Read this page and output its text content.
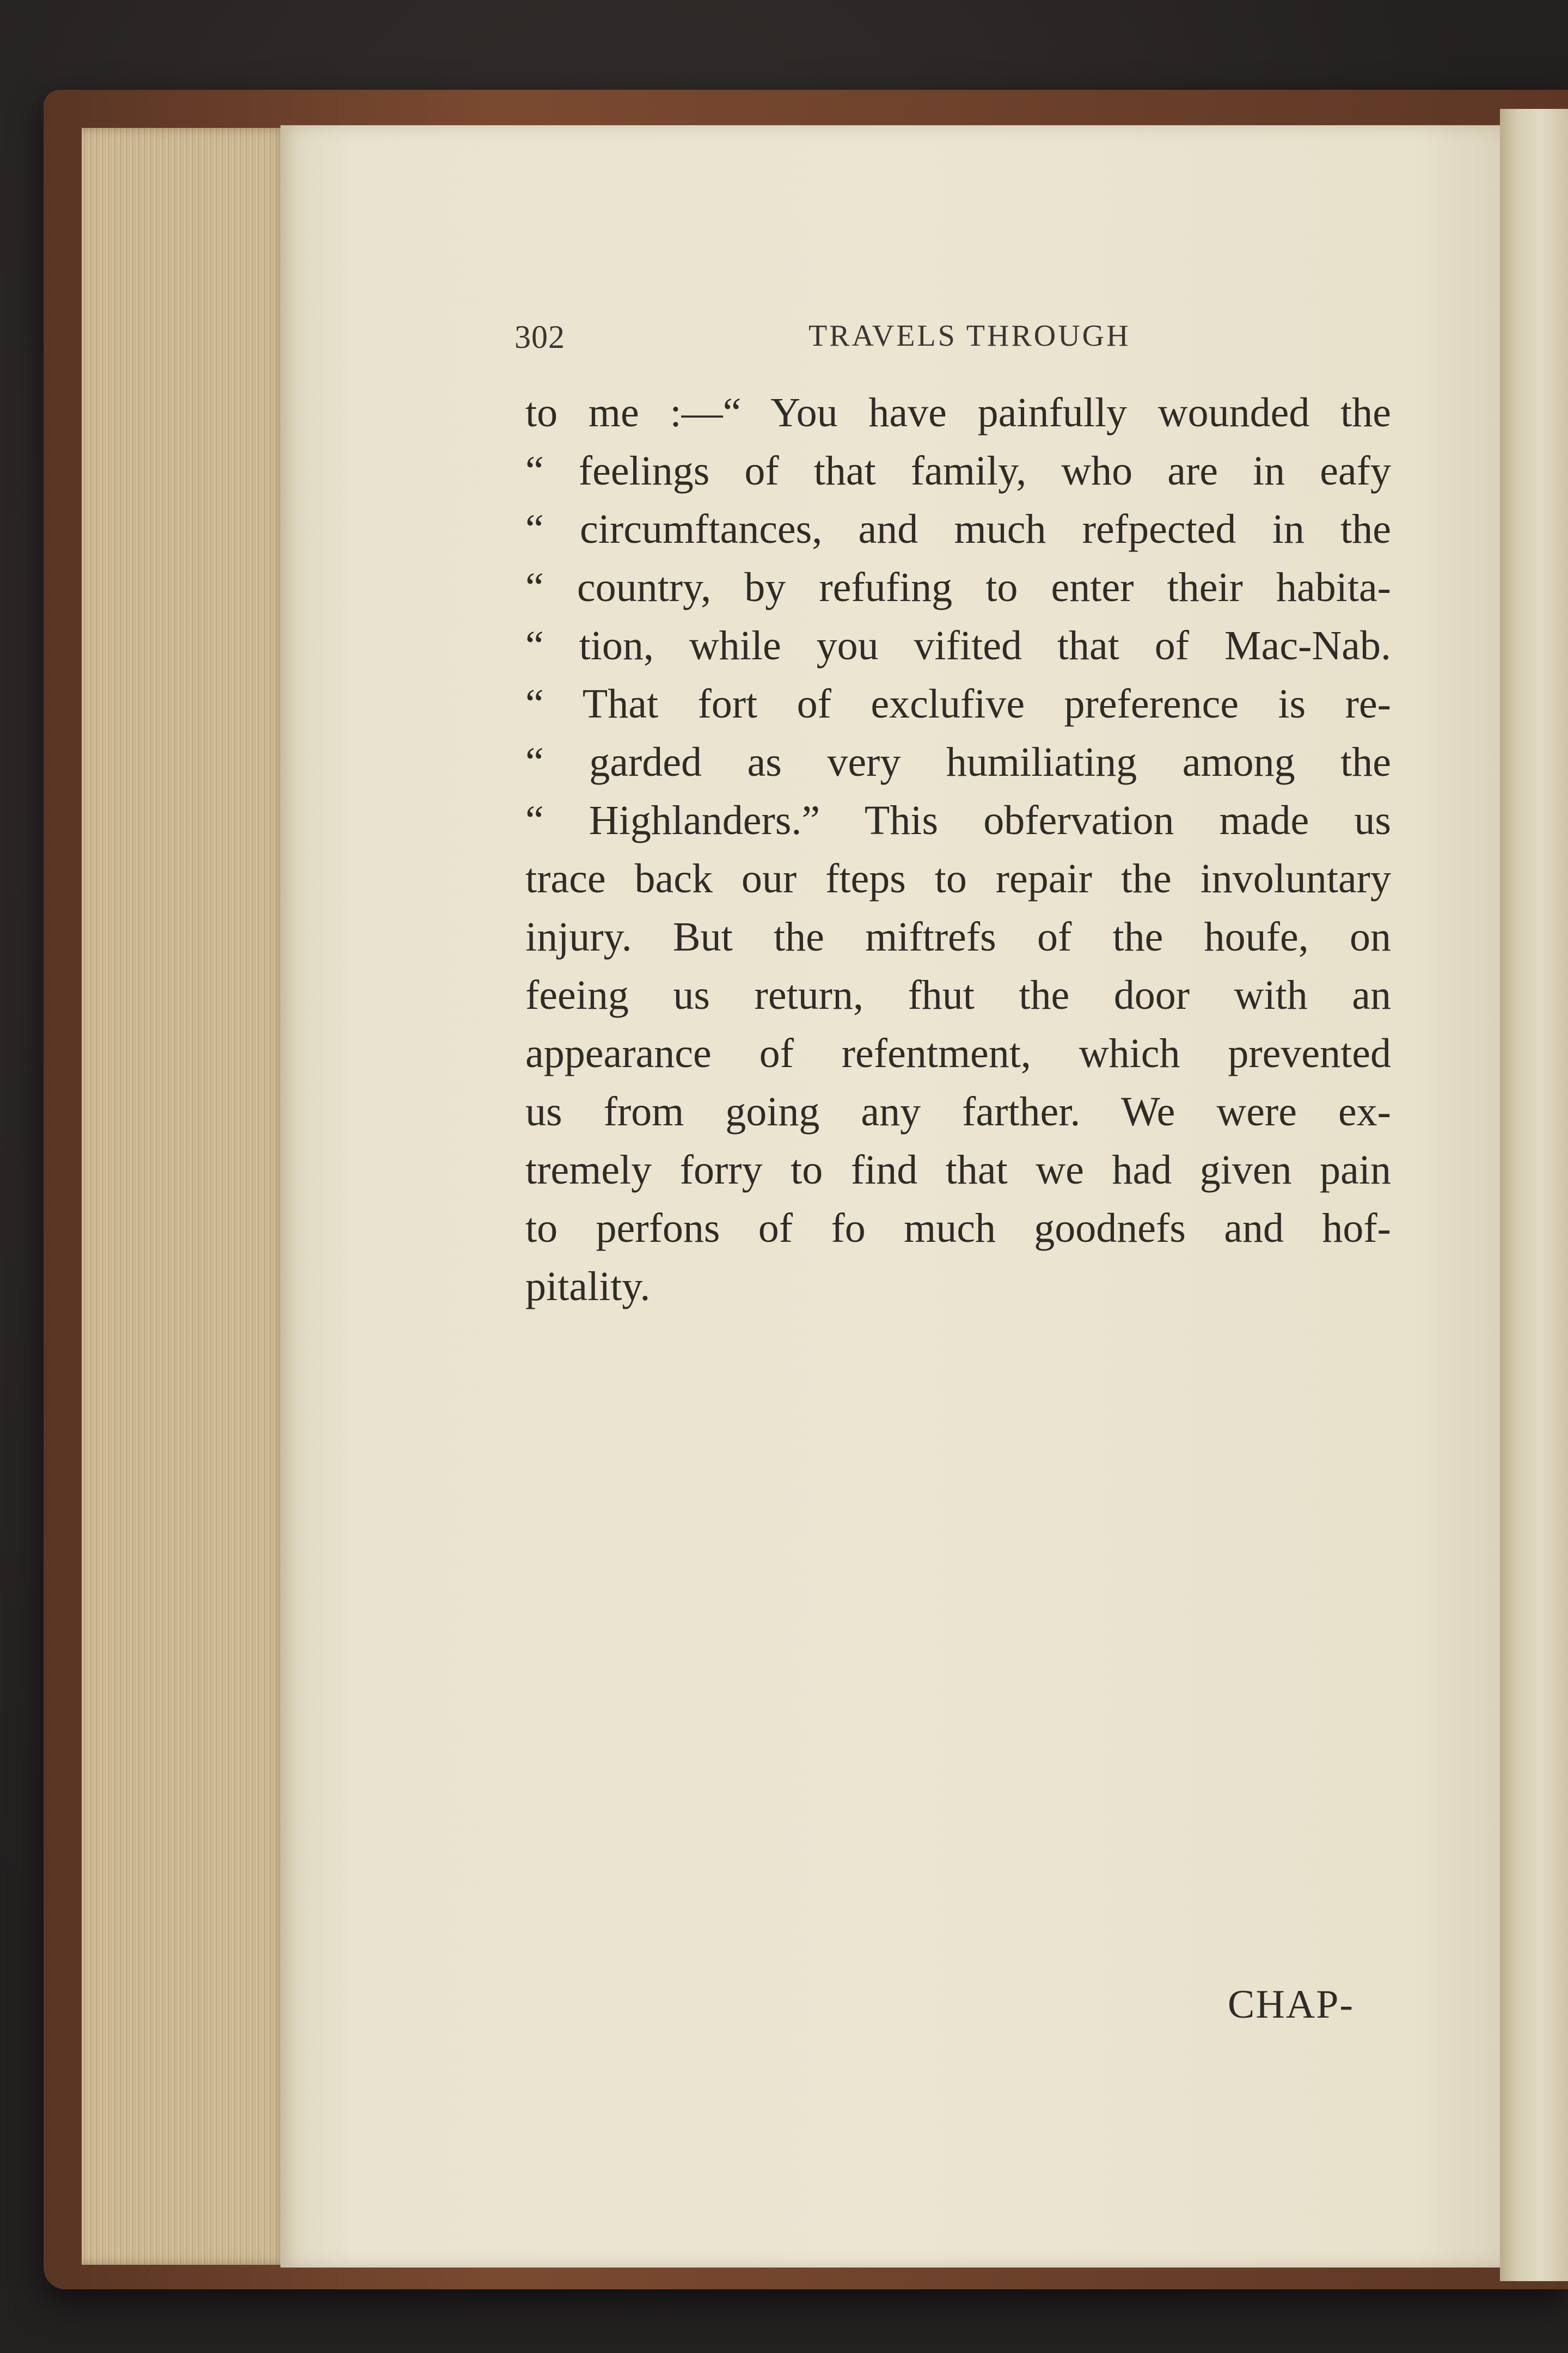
302	TRAVELS THROUGH
to me :—“ You have painfully wounded the
“ feelings of that family, who are in eafy
“ circumftances, and much refpected in the
“ country, by refufing to enter their habita-
“ tion, while you vifited that of Mac-Nab.
“ That fort of exclufive preference is re-
“ garded as very humiliating among the
“ Highlanders.” This obfervation made us
trace back our fteps to repair the involuntary
injury. But the miftrefs of the houfe, on
feeing us return, fhut the door with an
appearance of refentment, which prevented
us from going any farther. We were ex-
tremely forry to find that we had given pain
to perfons of fo much goodnefs and hof-
pitality.
CHAP-
